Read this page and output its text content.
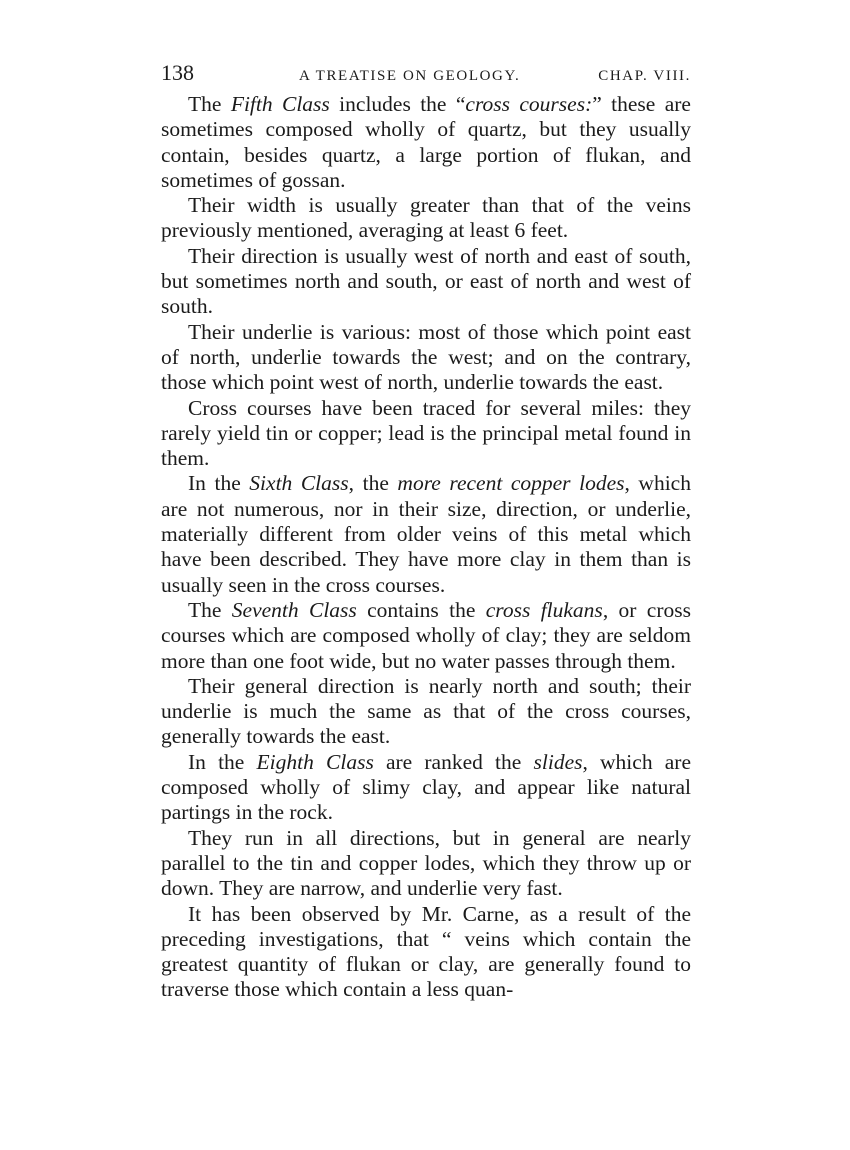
138	A TREATISE ON GEOLOGY.	CHAP. VIII.

The Fifth Class includes the “cross courses:” these are sometimes composed wholly of quartz, but they usually contain, besides quartz, a large portion of flukan, and sometimes of gossan.

Their width is usually greater than that of the veins previously mentioned, averaging at least 6 feet.

Their direction is usually west of north and east of south, but sometimes north and south, or east of north and west of south.

Their underlie is various: most of those which point east of north, underlie towards the west; and on the contrary, those which point west of north, underlie towards the east.

Cross courses have been traced for several miles: they rarely yield tin or copper; lead is the principal metal found in them.

In the Sixth Class, the more recent copper lodes, which are not numerous, nor in their size, direction, or underlie, materially different from older veins of this metal which have been described. They have more clay in them than is usually seen in the cross courses.

The Seventh Class contains the cross flukans, or cross courses which are composed wholly of clay; they are seldom more than one foot wide, but no water passes through them.

Their general direction is nearly north and south; their underlie is much the same as that of the cross courses, generally towards the east.

In the Eighth Class are ranked the slides, which are composed wholly of slimy clay, and appear like natural partings in the rock.

They run in all directions, but in general are nearly parallel to the tin and copper lodes, which they throw up or down. They are narrow, and underlie very fast.

It has been observed by Mr. Carne, as a result of the preceding investigations, that “ veins which contain the greatest quantity of flukan or clay, are generally found to traverse those which contain a less quan-
